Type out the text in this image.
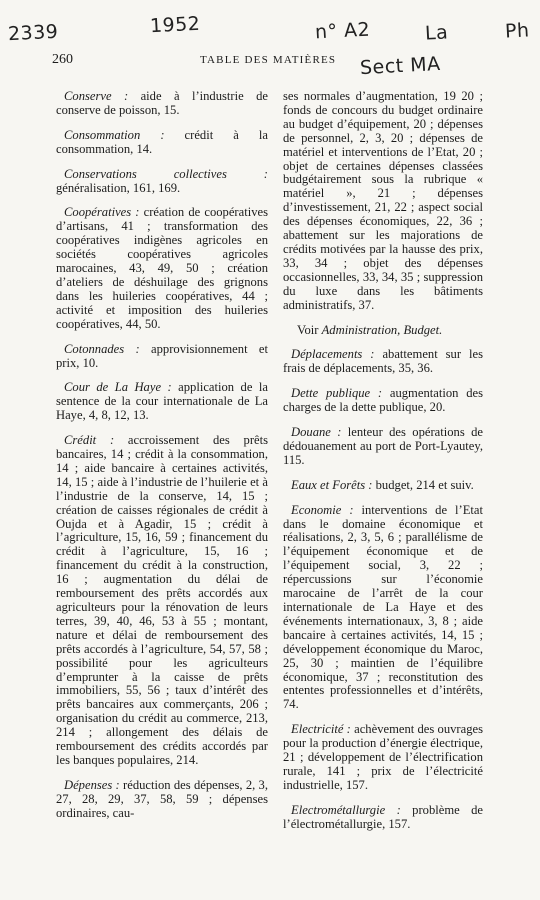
2339	1952	n° A2	La	Ph
Sect MA
260	TABLE DES MATIÈRES

Conserve : aide à l’industrie de conserve de poisson, 15.

Consommation : crédit à la consommation, 14.

Conservations collectives : généralisation, 161, 169.

Coopératives : création de coopératives d’artisans, 41 ; transformation des coopératives indigènes agricoles en sociétés coopératives agricoles marocaines, 43, 49, 50 ; création d’ateliers de déshuilage des grignons dans les huileries coopératives, 44 ; activité et imposition des huileries coopératives, 44, 50.

Cotonnades : approvisionnement et prix, 10.

Cour de La Haye : application de la sentence de la cour internationale de La Haye, 4, 8, 12, 13.

Crédit : accroissement des prêts bancaires, 14 ; crédit à la consommation, 14 ; aide bancaire à certaines activités, 14, 15 ; aide à l’industrie de l’huilerie et à l’industrie de la conserve, 14, 15 ; création de caisses régionales de crédit à Oujda et à Agadir, 15 ; crédit à l’agriculture, 15, 16, 59 ; financement du crédit à l’agriculture, 15, 16 ; financement du crédit à la construction, 16 ; augmentation du délai de remboursement des prêts accordés aux agriculteurs pour la rénovation de leurs terres, 39, 40, 46, 53 à 55 ; montant, nature et délai de remboursement des prêts accordés à l’agriculture, 54, 57, 58 ; possibilité pour les agriculteurs d’emprunter à la caisse de prêts immobiliers, 55, 56 ; taux d’intérêt des prêts bancaires aux commerçants, 206 ; organisation du crédit au commerce, 213, 214 ; allongement des délais de remboursement des crédits accordés par les banques populaires, 214.

Dépenses : réduction des dépenses, 2, 3, 27, 28, 29, 37, 58, 59 ; dépenses ordinaires, cau-

ses normales d’augmentation, 19 20 ; fonds de concours du budget ordinaire au budget d’équipement, 20 ; dépenses de personnel, 2, 3, 20 ; dépenses de matériel et interventions de l’Etat, 20 ; objet de certaines dépenses classées budgétairement sous la rubrique « matériel », 21 ; dépenses d’investissement, 21, 22 ; aspect social des dépenses économiques, 22, 36 ; abattement sur les majorations de crédits motivées par la hausse des prix, 33, 34 ; objet des dépenses occasionnelles, 33, 34, 35 ; suppression du luxe dans les bâtiments administratifs, 37.

Voir Administration, Budget.

Déplacements : abattement sur les frais de déplacements, 35, 36.

Dette publique : augmentation des charges de la dette publique, 20.

Douane : lenteur des opérations de dédouanement au port de Port-Lyautey, 115.

Eaux et Forêts : budget, 214 et suiv.

Economie : interventions de l’Etat dans le domaine économique et réalisations, 2, 3, 5, 6 ; parallélisme de l’équipement économique et de l’équipement social, 3, 22 ; répercussions sur l’économie marocaine de l’arrêt de la cour internationale de La Haye et des événements internationaux, 3, 8 ; aide bancaire à certaines activités, 14, 15 ; développement économique du Maroc, 25, 30 ; maintien de l’équilibre économique, 37 ; reconstitution des ententes professionnelles et d’intérêts, 74.

Electricité : achèvement des ouvrages pour la production d’énergie électrique, 21 ; développement de l’électrification rurale, 141 ; prix de l’électricité industrielle, 157.

Electrométallurgie : problème de l’électrométallurgie, 157.
